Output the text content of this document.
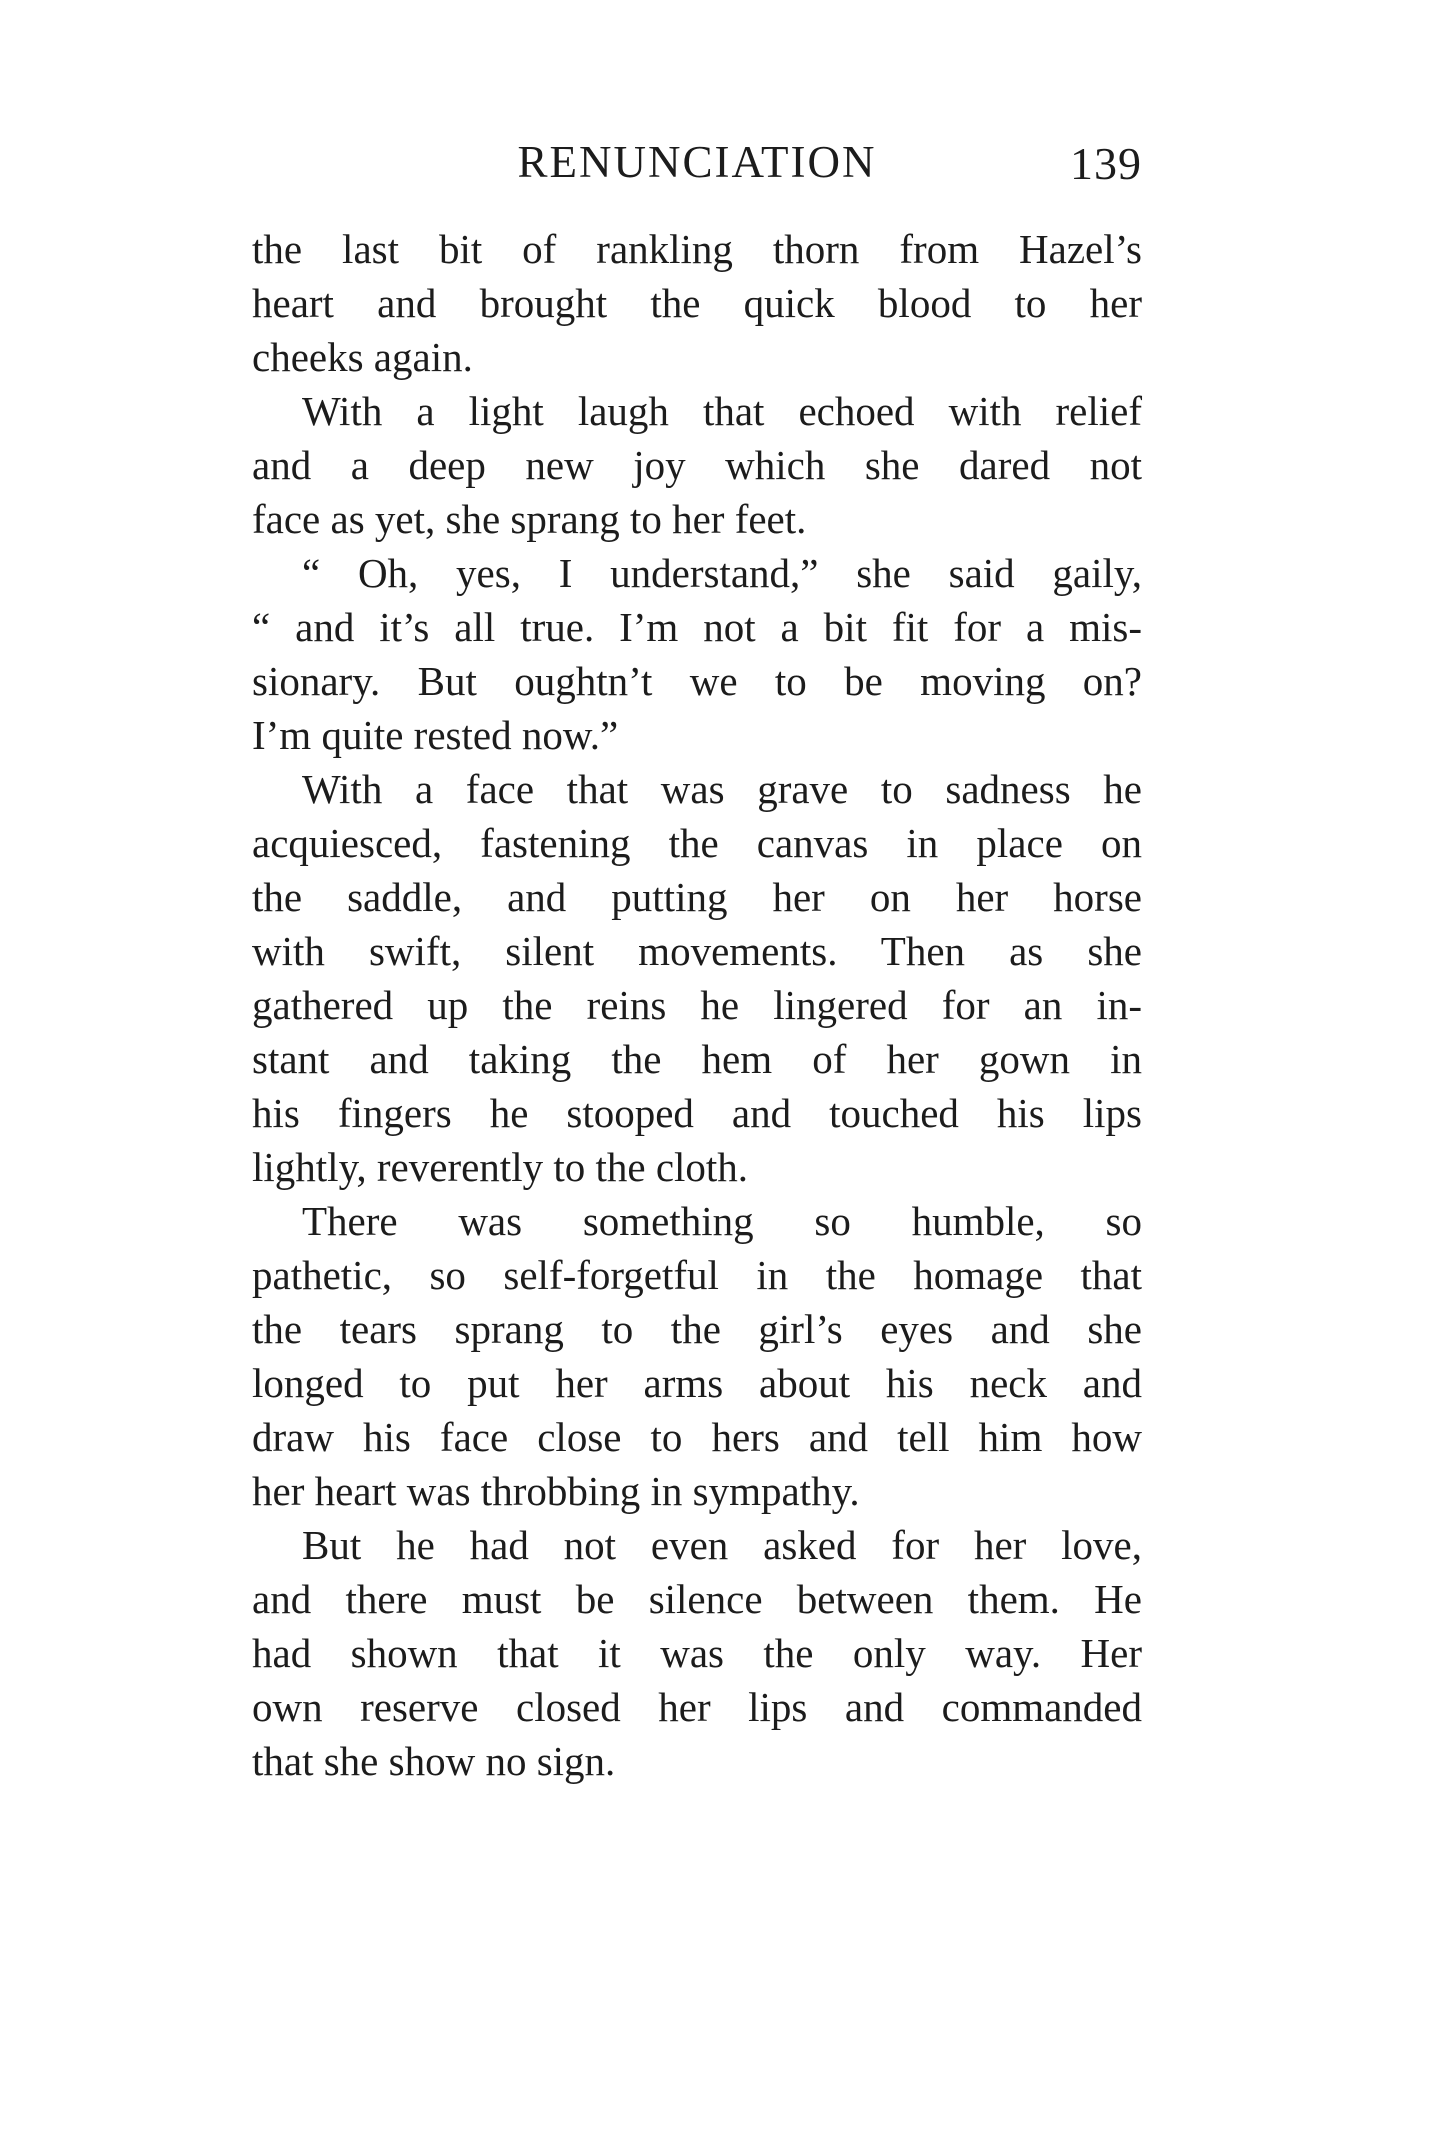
RENUNCIATION	139
the last bit of rankling thorn from Hazel’s
heart and brought the quick blood to her
cheeks again.
With a light laugh that echoed with relief
and a deep new joy which she dared not
face as yet, she sprang to her feet.
“ Oh, yes, I understand,” she said gaily,
“ and it’s all true. I’m not a bit fit for a mis-
sionary. But oughtn’t we to be moving on?
I’m quite rested now.”
With a face that was grave to sadness he
acquiesced, fastening the canvas in place on
the saddle, and putting her on her horse
with swift, silent movements. Then as she
gathered up the reins he lingered for an in-
stant and taking the hem of her gown in
his fingers he stooped and touched his lips
lightly, reverently to the cloth.
There was something so humble, so
pathetic, so self-forgetful in the homage that
the tears sprang to the girl’s eyes and she
longed to put her arms about his neck and
draw his face close to hers and tell him how
her heart was throbbing in sympathy.
But he had not even asked for her love,
and there must be silence between them. He
had shown that it was the only way. Her
own reserve closed her lips and commanded
that she show no sign.
